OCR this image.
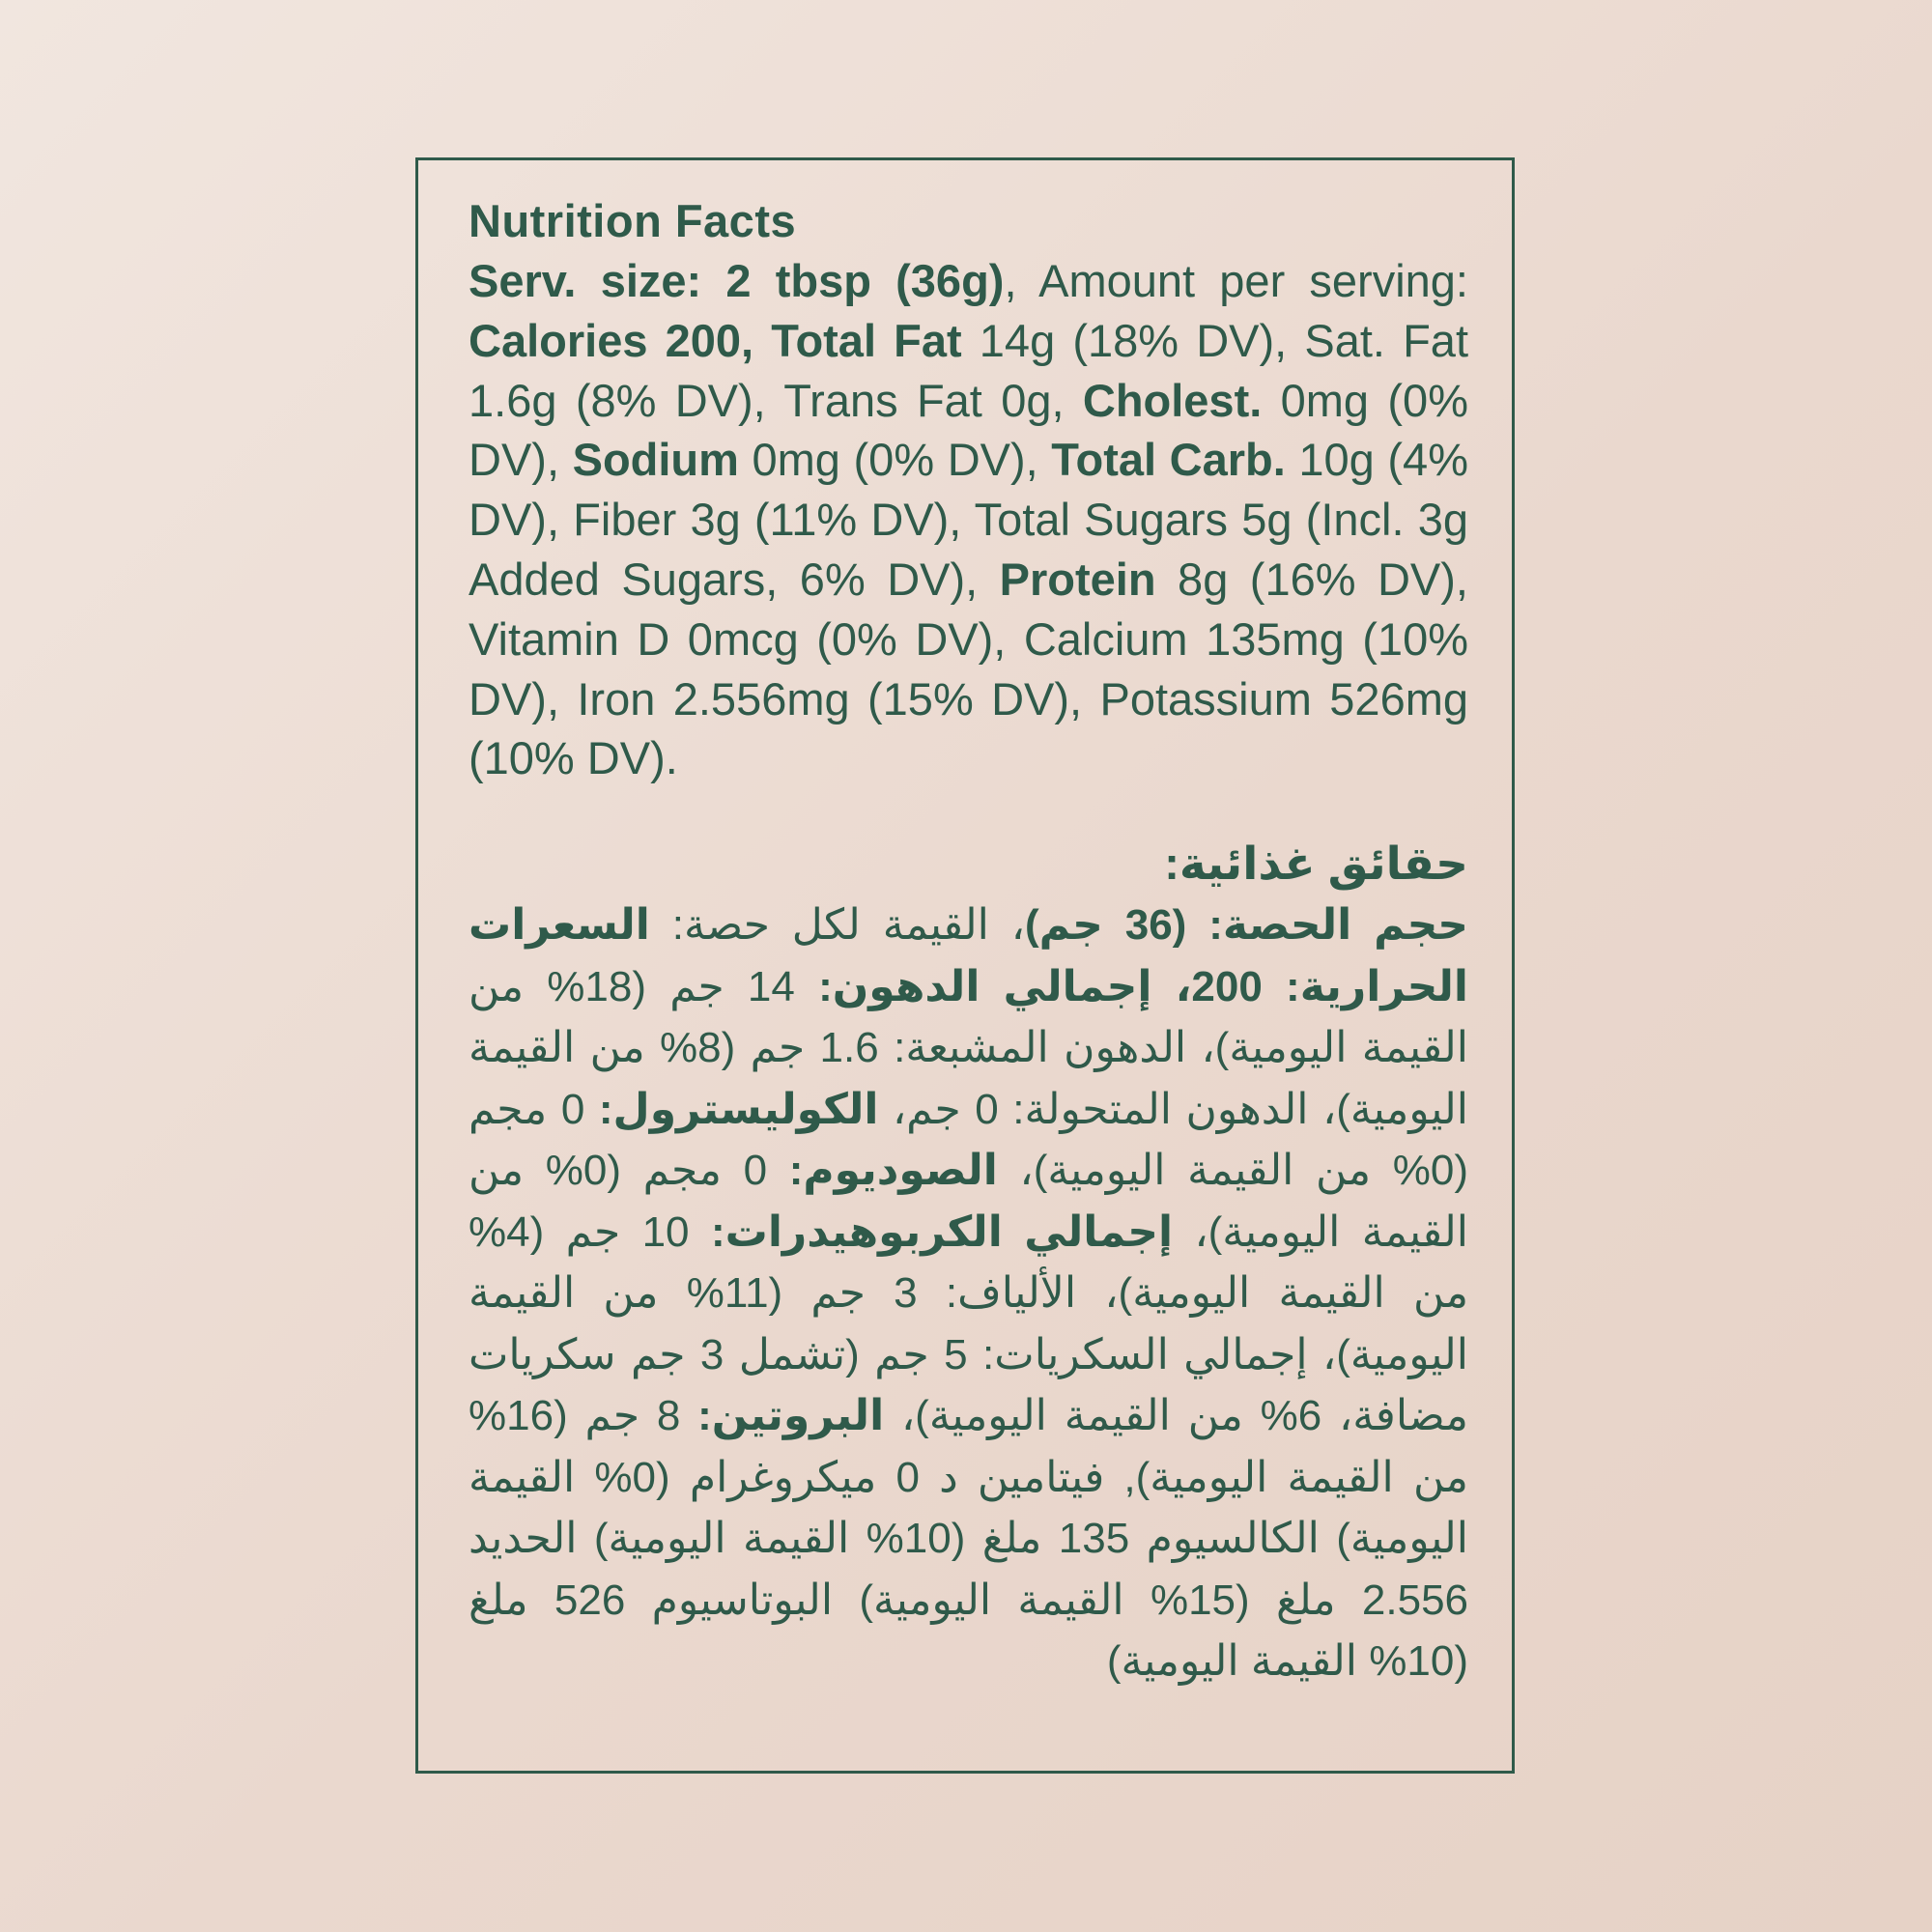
Nutrition Facts

Serv. size: 2 tbsp (36g), Amount per serving: Calories 200, Total Fat 14g (18% DV), Sat. Fat 1.6g (8% DV), Trans Fat 0g, Cholest. 0mg (0% DV), Sodium 0mg (0% DV), Total Carb. 10g (4% DV), Fiber 3g (11% DV), Total Sugars 5g (Incl. 3g Added Sugars, 6% DV), Protein 8g (16% DV), Vitamin D 0mcg (0% DV), Calcium 135mg (10% DV), Iron 2.556mg (15% DV), Potassium 526mg (10% DV).

حقائق غذائية:

حجم الحصة: (36 جم)، القيمة لكل حصة: السعرات الحرارية: 200، إجمالي الدهون: 14 جم (18% من القيمة اليومية)، الدهون المشبعة: 1.6 جم (8% من القيمة اليومية)، الدهون المتحولة: 0 جم، الكوليسترول: 0 مجم (0% من القيمة اليومية)، الصوديوم: 0 مجم (0% من القيمة اليومية)، إجمالي الكربوهيدرات: 10 جم (4% من القيمة اليومية)، الألياف: 3 جم (11% من القيمة اليومية)، إجمالي السكريات: 5 جم (تشمل 3 جم سكريات مضافة، 6% من القيمة اليومية)، البروتين: 8 جم (16% من القيمة اليومية), فيتامين د 0 ميكروغرام (0% القيمة اليومية) الكالسيوم 135 ملغ (10% القيمة اليومية) الحديد 2.556 ملغ (15% القيمة اليومية) البوتاسيوم 526 ملغ (10% القيمة اليومية)
